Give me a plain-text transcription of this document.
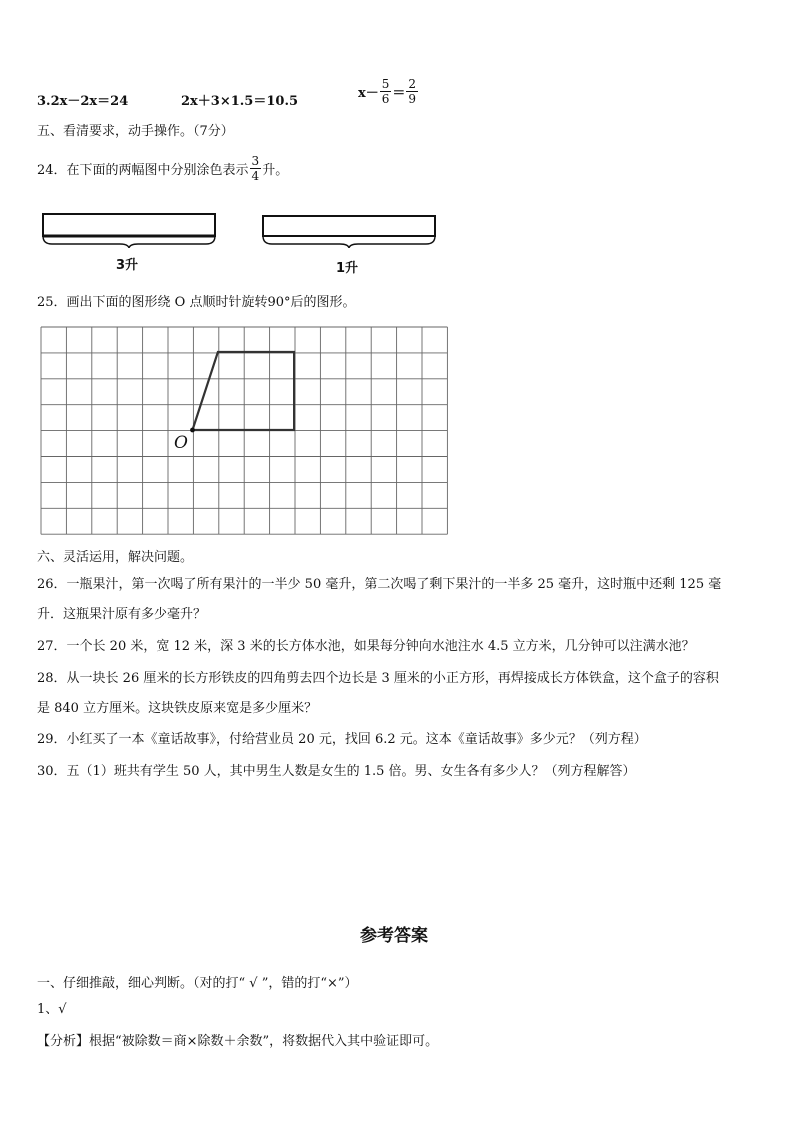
3.2x－2x＝24	2x＋3×1.5＝10.5
$x- \frac{5}{6} = \frac{2}{9}$
五、看清要求，动手操作。（7分）
24．在下面的两幅图中分别涂色表示 $\frac{3}{4}$ 升。
3升	1升
25．画出下面的图形绕 O 点顺时针旋转90°后的图形。
O
六、灵活运用，解决问题。
26．一瓶果汁，第一次喝了所有果汁的一半少 50 毫升，第二次喝了剩下果汁的一半多 25 毫升，这时瓶中还剩 125 毫
升．这瓶果汁原有多少毫升？
27．一个长 20 米，宽 12 米，深 3 米的长方体水池，如果每分钟向水池注水 4.5 立方米，几分钟可以注满水池？
28．从一块长 26 厘米的长方形铁皮的四角剪去四个边长是 3 厘米的小正方形，再焊接成长方体铁盒，这个盒子的容积
是 840 立方厘米。这块铁皮原来宽是多少厘米？
29．小红买了一本《童话故事》，付给营业员 20 元，找回 6.2 元。这本《童话故事》多少元？（列方程）
30．五（1）班共有学生 50 人，其中男生人数是女生的 1.5 倍。男、女生各有多少人？（列方程解答）
参考答案
一、仔细推敲，细心判断。（对的打“ √ ”，错的打“×”）
1、√
【分析】根据“被除数＝商×除数＋余数”，将数据代入其中验证即可。
